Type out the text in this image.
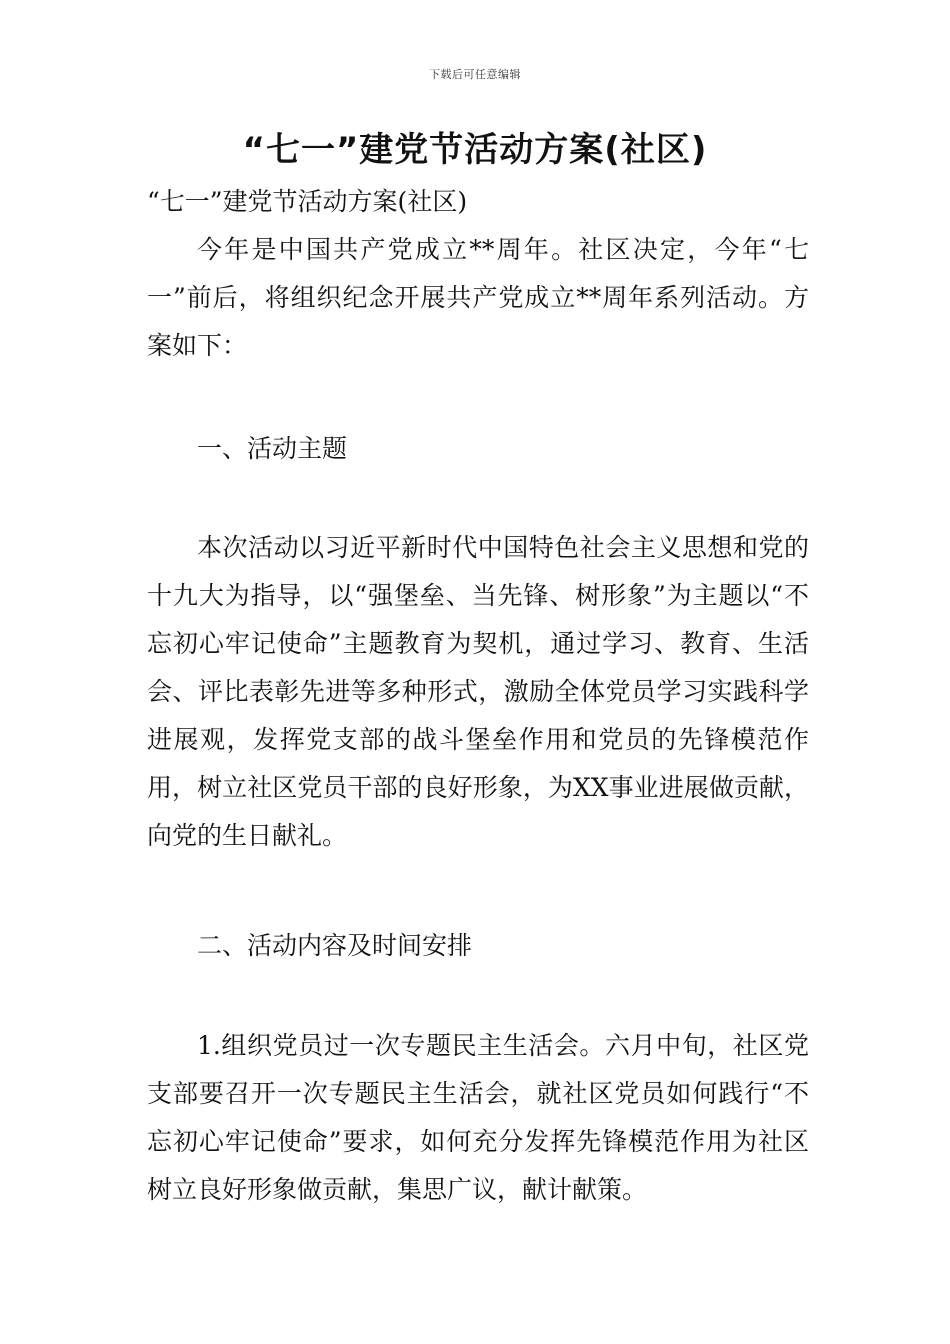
下载后可任意编辑
“七一”建党节活动方案(社区)

“七一”建党节活动方案(社区)

今年是中国共产党成立**周年。社区决定，今年“七一”前后，将组织纪念开展共产党成立**周年系列活动。方案如下：

一、活动主题

本次活动以习近平新时代中国特色社会主义思想和党的十九大为指导，以“强堡垒、当先锋、树形象”为主题以“不忘初心牢记使命”主题教育为契机，通过学习、教育、生活会、评比表彰先进等多种形式，激励全体党员学习实践科学进展观，发挥党支部的战斗堡垒作用和党员的先锋模范作用，树立社区党员干部的良好形象，为XX事业进展做贡献，向党的生日献礼。

二、活动内容及时间安排

1.组织党员过一次专题民主生活会。六月中旬，社区党支部要召开一次专题民主生活会，就社区党员如何践行“不忘初心牢记使命”要求，如何充分发挥先锋模范作用为社区树立良好形象做贡献，集思广议，献计献策。
